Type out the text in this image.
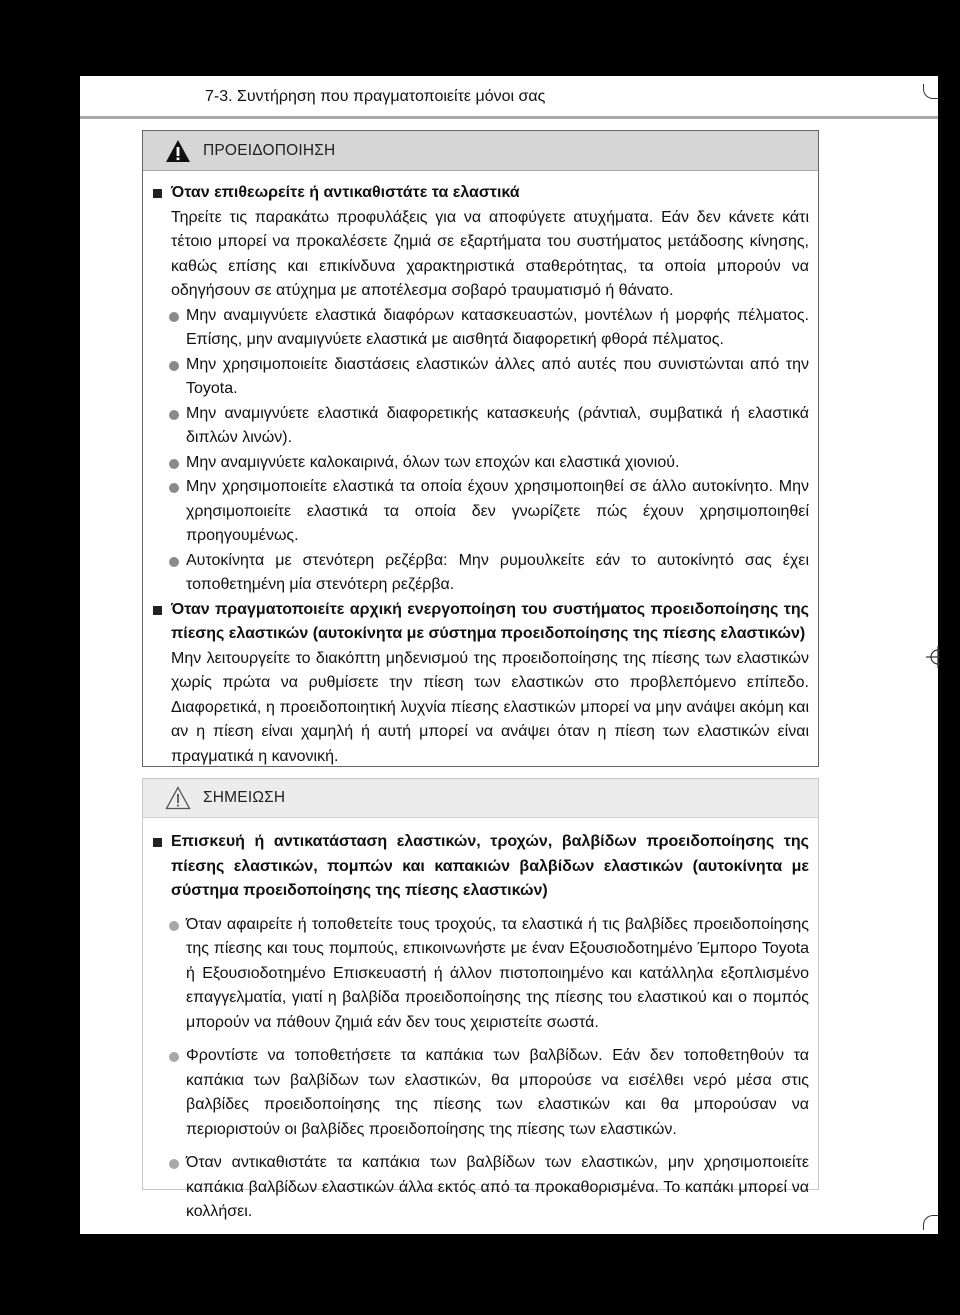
7-3. Συντήρηση που πραγματοποιείτε μόνοι σας
ΠΡΟΕΙΔΟΠΟΙΗΣΗ
Όταν επιθεωρείτε ή αντικαθιστάτε τα ελαστικά
Τηρείτε τις παρακάτω προφυλάξεις για να αποφύγετε ατυχήματα. Εάν δεν κάνετε κάτι τέτοιο μπορεί να προκαλέσετε ζημιά σε εξαρτήματα του συστήματος μετάδοσης κίνησης, καθώς επίσης και επικίνδυνα χαρακτηριστικά σταθερότητας, τα οποία μπορούν να οδηγήσουν σε ατύχημα με αποτέλεσμα σοβαρό τραυματισμό ή θάνατο.
Μην αναμιγνύετε ελαστικά διαφόρων κατασκευαστών, μοντέλων ή μορφής πέλματος. Επίσης, μην αναμιγνύετε ελαστικά με αισθητά διαφορετική φθορά πέλματος.
Μην χρησιμοποιείτε διαστάσεις ελαστικών άλλες από αυτές που συνιστώνται από την Toyota.
Μην αναμιγνύετε ελαστικά διαφορετικής κατασκευής (ράντιαλ, συμβατικά ή ελαστικά διπλών λινών).
Μην αναμιγνύετε καλοκαιρινά, όλων των εποχών και ελαστικά χιονιού.
Μην χρησιμοποιείτε ελαστικά τα οποία έχουν χρησιμοποιηθεί σε άλλο αυτοκίνητο. Μην χρησιμοποιείτε ελαστικά τα οποία δεν γνωρίζετε πώς έχουν χρησιμοποιηθεί προηγουμένως.
Αυτοκίνητα με στενότερη ρεζέρβα: Μην ρυμουλκείτε εάν το αυτοκίνητό σας έχει τοποθετημένη μία στενότερη ρεζέρβα.
Όταν πραγματοποιείτε αρχική ενεργοποίηση του συστήματος προειδοποίησης της πίεσης ελαστικών (αυτοκίνητα με σύστημα προειδοποίησης της πίεσης ελαστικών)
Μην λειτουργείτε το διακόπτη μηδενισμού της προειδοποίησης της πίεσης των ελαστικών χωρίς πρώτα να ρυθμίσετε την πίεση των ελαστικών στο προβλεπόμενο επίπεδο. Διαφορετικά, η προειδοποιητική λυχνία πίεσης ελαστικών μπορεί να μην ανάψει ακόμη και αν η πίεση είναι χαμηλή ή αυτή μπορεί να ανάψει όταν η πίεση των ελαστικών είναι πραγματικά η κανονική.
ΣΗΜΕΙΩΣΗ
Επισκευή ή αντικατάσταση ελαστικών, τροχών, βαλβίδων προειδοποίησης της πίεσης ελαστικών, πομπών και καπακιών βαλβίδων ελαστικών (αυτοκίνητα με σύστημα προειδοποίησης της πίεσης ελαστικών)
Όταν αφαιρείτε ή τοποθετείτε τους τροχούς, τα ελαστικά ή τις βαλβίδες προειδοποίησης της πίεσης και τους πομπούς, επικοινωνήστε με έναν Εξουσιοδοτημένο Έμπορο Toyota ή Εξουσιοδοτημένο Επισκευαστή ή άλλον πιστοποιημένο και κατάλληλα εξοπλισμένο επαγγελματία, γιατί η βαλβίδα προειδοποίησης της πίεσης του ελαστικού και ο πομπός μπορούν να πάθουν ζημιά εάν δεν τους χειριστείτε σωστά.
Φροντίστε να τοποθετήσετε τα καπάκια των βαλβίδων. Εάν δεν τοποθετηθούν τα καπάκια των βαλβίδων των ελαστικών, θα μπορούσε να εισέλθει νερό μέσα στις βαλβίδες προειδοποίησης της πίεσης των ελαστικών και θα μπορούσαν να περιοριστούν οι βαλβίδες προειδοποίησης της πίεσης των ελαστικών.
Όταν αντικαθιστάτε τα καπάκια των βαλβίδων των ελαστικών, μην χρησιμοποιείτε καπάκια βαλβίδων ελαστικών άλλα εκτός από τα προκαθορισμένα. Το καπάκι μπορεί να κολλήσει.
